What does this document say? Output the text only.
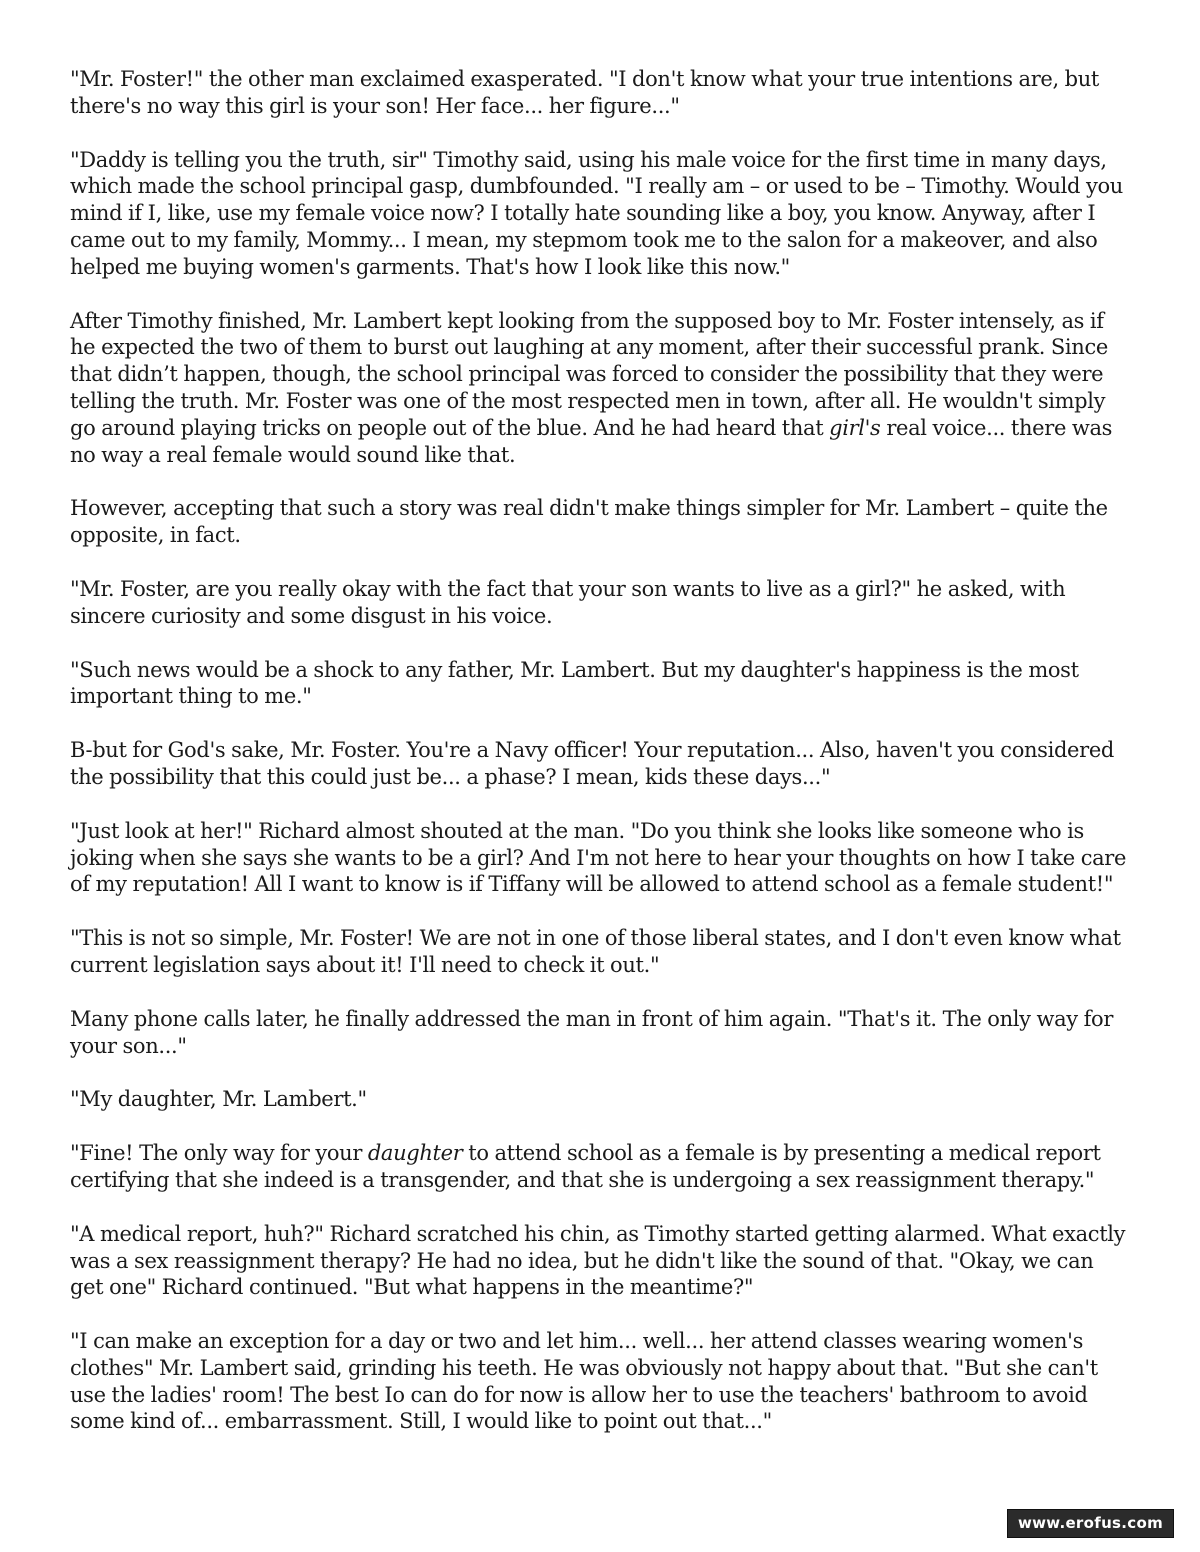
"Mr. Foster!" the other man exclaimed exasperated. "I don't know what your true intentions are, but there's no way this girl is your son! Her face... her figure..."

"Daddy is telling you the truth, sir" Timothy said, using his male voice for the first time in many days, which made the school principal gasp, dumbfounded. "I really am – or used to be – Timothy. Would you mind if I, like, use my female voice now? I totally hate sounding like a boy, you know. Anyway, after I came out to my family, Mommy... I mean, my stepmom took me to the salon for a makeover, and also helped me buying women's garments. That's how I look like this now."

After Timothy finished, Mr. Lambert kept looking from the supposed boy to Mr. Foster intensely, as if he expected the two of them to burst out laughing at any moment, after their successful prank. Since that didn’t happen, though, the school principal was forced to consider the possibility that they were telling the truth. Mr. Foster was one of the most respected men in town, after all. He wouldn't simply go around playing tricks on people out of the blue. And he had heard that girl's real voice... there was no way a real female would sound like that.

However, accepting that such a story was real didn't make things simpler for Mr. Lambert – quite the opposite, in fact.

"Mr. Foster, are you really okay with the fact that your son wants to live as a girl?" he asked, with sincere curiosity and some disgust in his voice.

"Such news would be a shock to any father, Mr. Lambert. But my daughter's happiness is the most important thing to me."

B-but for God's sake, Mr. Foster. You're a Navy officer! Your reputation... Also, haven't you considered the possibility that this could just be... a phase? I mean, kids these days..."

"Just look at her!" Richard almost shouted at the man. "Do you think she looks like someone who is joking when she says she wants to be a girl? And I'm not here to hear your thoughts on how I take care of my reputation! All I want to know is if Tiffany will be allowed to attend school as a female student!"

"This is not so simple, Mr. Foster! We are not in one of those liberal states, and I don't even know what current legislation says about it! I'll need to check it out."

Many phone calls later, he finally addressed the man in front of him again. "That's it. The only way for your son..."

"My daughter, Mr. Lambert."

"Fine! The only way for your daughter to attend school as a female is by presenting a medical report certifying that she indeed is a transgender, and that she is undergoing a sex reassignment therapy."

"A medical report, huh?" Richard scratched his chin, as Timothy started getting alarmed. What exactly was a sex reassignment therapy? He had no idea, but he didn't like the sound of that. "Okay, we can get one" Richard continued. "But what happens in the meantime?"

"I can make an exception for a day or two and let him... well... her attend classes wearing women's clothes" Mr. Lambert said, grinding his teeth. He was obviously not happy about that. "But she can't use the ladies' room! The best Io can do for now is allow her to use the teachers' bathroom to avoid some kind of... embarrassment. Still, I would like to point out that..."

www.erofus.com
